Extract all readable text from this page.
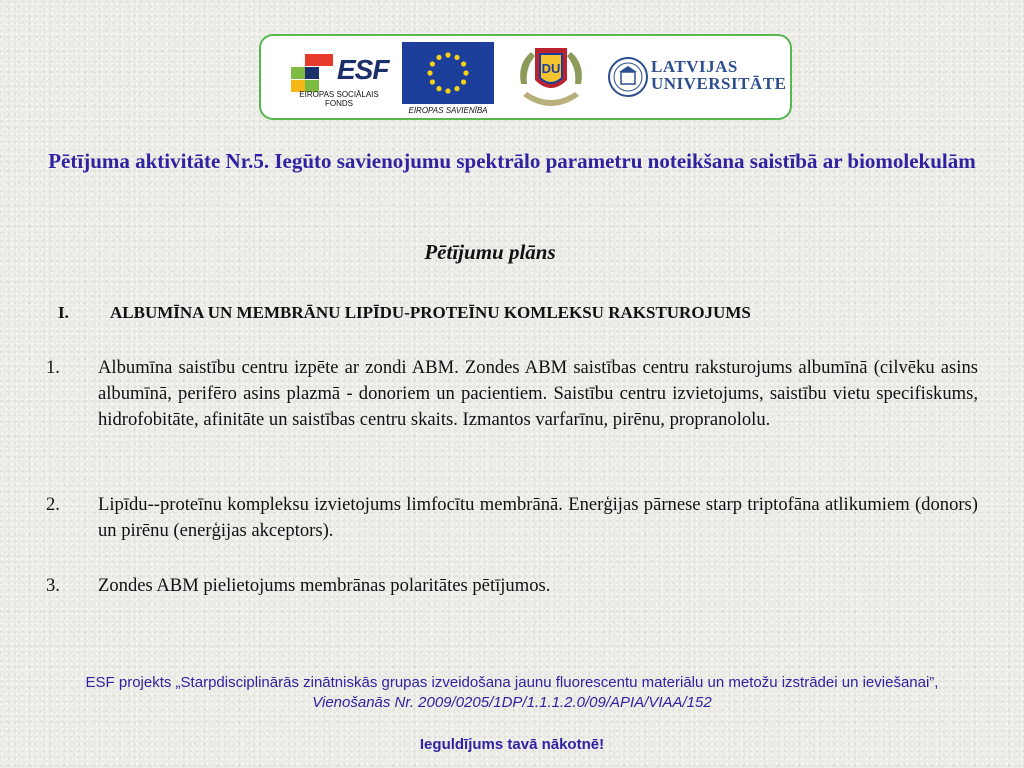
ESF
EIROPAS SOCIĀLAIS FONDS
EIROPAS SAVIENĪBA
DU	LATVIJAS
UNIVERSITĀTE
Pētījuma aktivitāte Nr.5. Iegūto savienojumu spektrālo parametru noteikšana saistībā ar biomolekulām
Pētījumu plāns
I. ALBUMĪNA UN MEMBRĀNU LIPĪDU-PROTEĪNU KOMLEKSU RAKSTUROJUMS
1. Albumīna saistību centru izpēte ar zondi ABM. Zondes ABM saistības centru raksturojums albumīnā (cilvēku asins albumīnā, perifēro asins plazmā - donoriem un pacientiem. Saistību centru izvietojums, saistību vietu specifiskums, hidrofobitāte, afinitāte un saistības centru skaits. Izmantos varfarīnu, pirēnu, propranololu.
2. Lipīdu--proteīnu kompleksu izvietojums limfocītu membrānā. Enerģijas pārnese starp triptofāna atlikumiem (donors) un pirēnu (enerģijas akceptors).
3. Zondes ABM pielietojums membrānas polaritātes pētījumos.
ESF projekts „Starpdisciplinārās zinātniskās grupas izveidošana jaunu fluorescentu materiālu un metožu izstrādei un ieviešanai”,
Vienošanās Nr. 2009/0205/1DP/1.1.1.2.0/09/APIA/VIAA/152
Ieguldījums tavā nākotnē!
